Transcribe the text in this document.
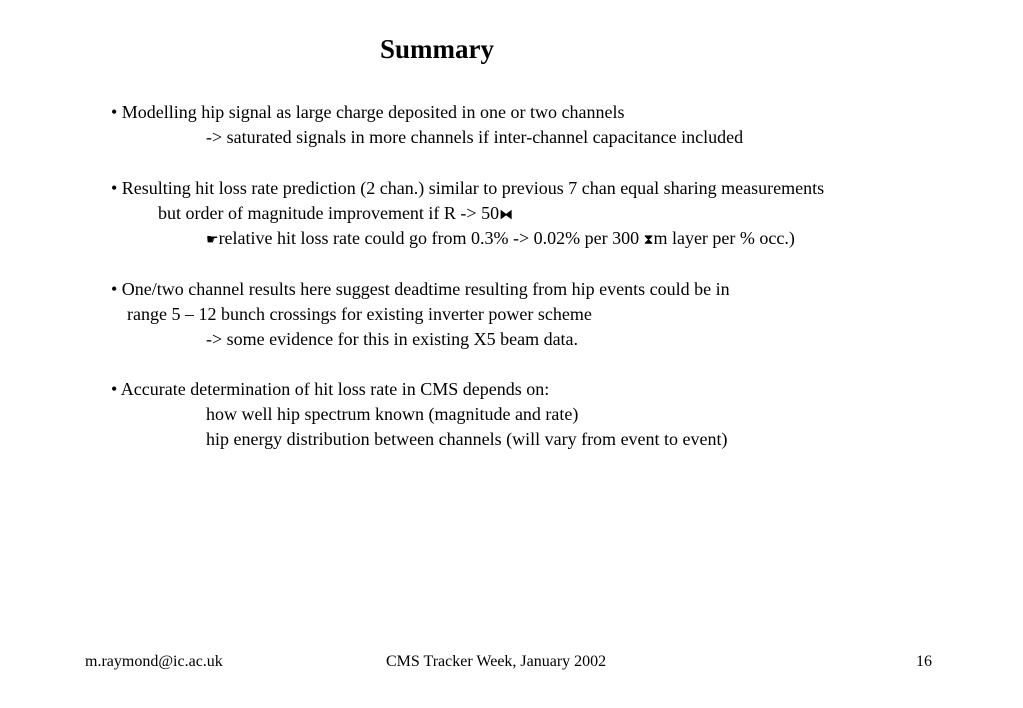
Summary
• Modelling hip signal as large charge deposited in one or two channels
-> saturated signals in more channels if inter-channel capacitance included
• Resulting hit loss rate prediction (2 chan.) similar to previous 7 chan equal sharing measurements
but order of magnitude improvement if R -> 50⧓
☛relative hit loss rate could go from 0.3% -> 0.02% per 300 ⧗m layer per % occ.)
• One/two channel results here suggest deadtime resulting from hip events could be in
range 5 – 12 bunch crossings for existing inverter power scheme
-> some evidence for this in existing X5 beam data.
• Accurate determination of hit loss rate in CMS depends on:
how well hip spectrum known (magnitude and rate)
hip energy distribution between channels (will vary from event to event)
m.raymond@ic.ac.uk	CMS Tracker Week, January 2002	16
